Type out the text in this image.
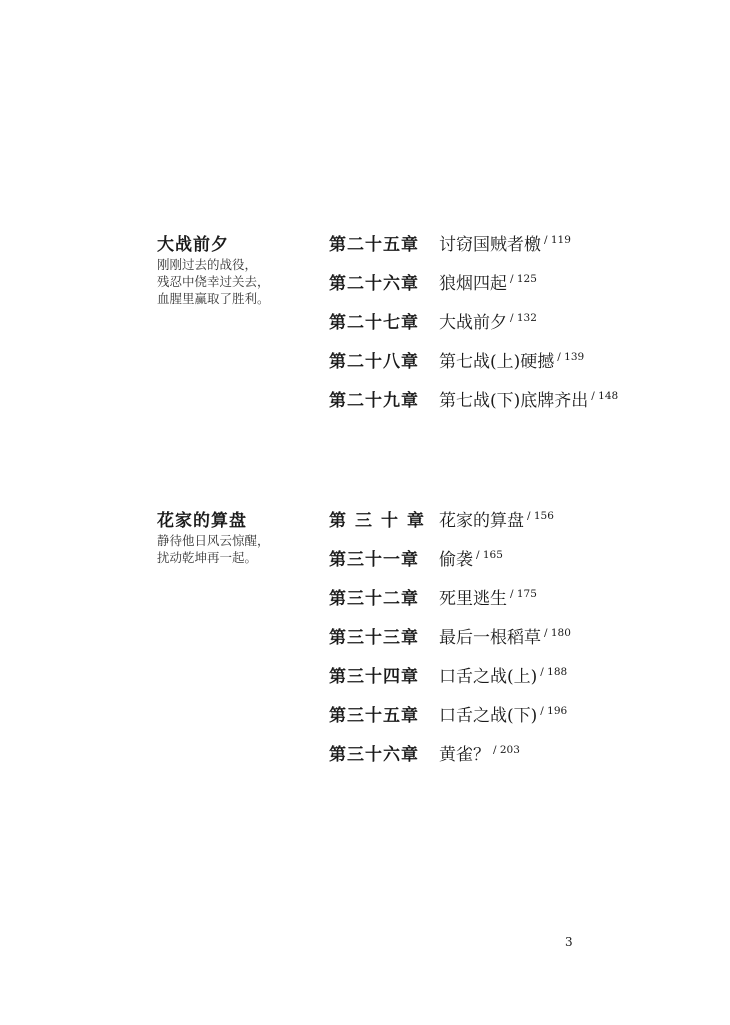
大战前夕
刚刚过去的战役，
残忍中侥幸过关去，
血腥里赢取了胜利。
第二十五章	讨窃国贼者檄 / 119
第二十六章	狼烟四起 / 125
第二十七章	大战前夕 / 132
第二十八章	第七战(上)硬撼 / 139
第二十九章	第七战(下)底牌齐出 / 148
花家的算盘
静待他日风云惊醒，
扰动乾坤再一起。
第三十章 花家的算盘 / 156
第三十一章	偷袭 / 165
第三十二章	死里逃生 / 175
第三十三章	最后一根稻草 / 180
第三十四章	口舌之战(上) / 188
第三十五章	口舌之战(下) / 196
第三十六章	黄雀？ / 203
3
